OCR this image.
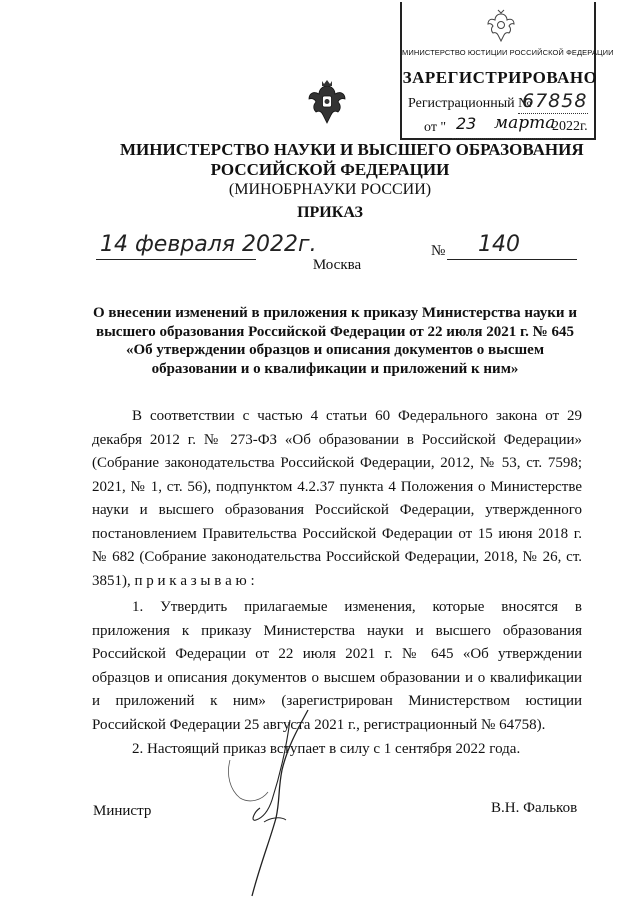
МИНИСТЕРСТВО ЮСТИЦИИ РОССИЙСКОЙ ФЕДЕРАЦИИ
ЗАРЕГИСТРИРОВАНО
Регистрационный №
67858
от " 23 марта
2022г.
МИНИСТЕРСТВО НАУКИ И ВЫСШЕГО ОБРАЗОВАНИЯ
РОССИЙСКОЙ ФЕДЕРАЦИИ
(МИНОБРНАУКИ РОССИИ)
ПРИКАЗ
14 февраля 2022г.	№ 140
Москва
О внесении изменений в приложения к приказу Министерства науки и высшего образования Российской Федерации от 22 июля 2021 г. № 645 «Об утверждении образцов и описания документов о высшем образовании и о квалификации и приложений к ним»
В соответствии с частью 4 статьи 60 Федерального закона от 29 декабря 2012 г. № 273-ФЗ «Об образовании в Российской Федерации» (Собрание законодательства Российской Федерации, 2012, № 53, ст. 7598; 2021, № 1, ст. 56), подпунктом 4.2.37 пункта 4 Положения о Министерстве науки и высшего образования Российской Федерации, утвержденного постановлением Правительства Российской Федерации от 15 июня 2018 г. № 682 (Собрание законодательства Российской Федерации, 2018, № 26, ст. 3851), п р и к а з ы в а ю :
1. Утвердить прилагаемые изменения, которые вносятся в приложения к приказу Министерства науки и высшего образования Российской Федерации от 22 июля 2021 г. № 645 «Об утверждении образцов и описания документов о высшем образовании и о квалификации и приложений к ним» (зарегистрирован Министерством юстиции Российской Федерации 25 августа 2021 г., регистрационный № 64758).
2. Настоящий приказ вступает в силу с 1 сентября 2022 года.
Министр	В.Н. Фальков
